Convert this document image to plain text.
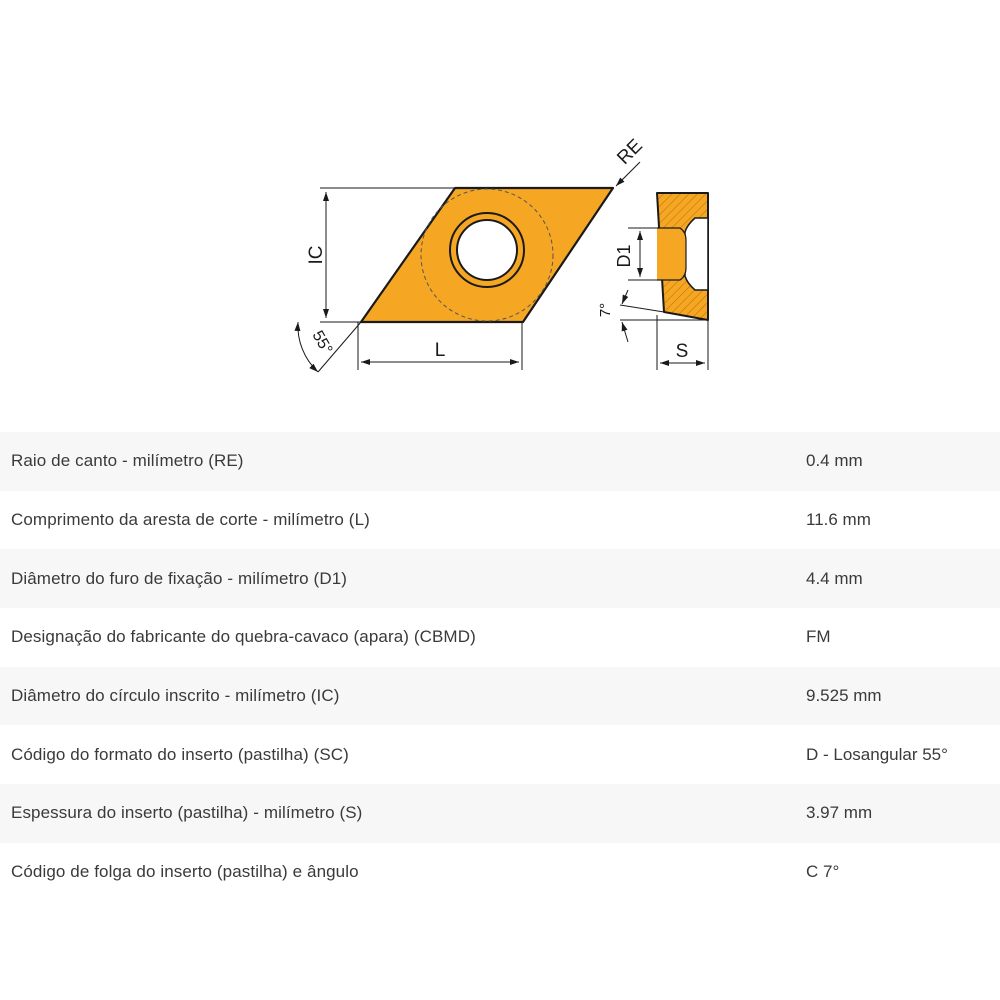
IC
L
55°
RE
D1
7°
S
Raio de canto - milímetro (RE)	0.4 mm
Comprimento da aresta de corte - milímetro (L)	11.6 mm
Diâmetro do furo de fixação - milímetro (D1)	4.4 mm
Designação do fabricante do quebra-cavaco (apara) (CBMD)	FM
Diâmetro do círculo inscrito - milímetro (IC)	9.525 mm
Código do formato do inserto (pastilha) (SC)	D - Losangular 55°
Espessura do inserto (pastilha) - milímetro (S)	3.97 mm
Código de folga do inserto (pastilha) e ângulo	C 7°
